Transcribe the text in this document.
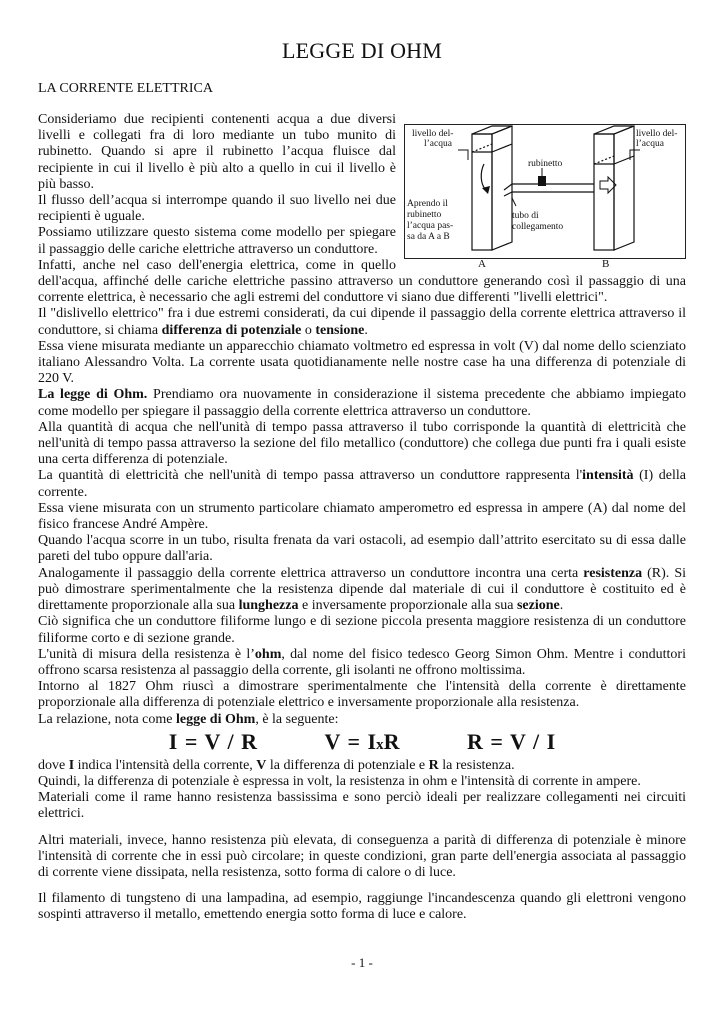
LEGGE DI OHM
LA CORRENTE ELETTRICA
livello del-
l’acqua
livello del-
l’acqua
rubinetto
Aprendo il
rubinetto
l’acqua pas-
sa da A a B
tubo di
collegamento
A	B

Consideriamo due recipienti contenenti acqua a due diversi livelli e collegati fra di loro mediante un tubo munito di rubinetto. Quando si apre il rubinetto l’acqua fluisce dal recipiente in cui il livello è più alto a quello in cui il livello è più basso.

Il flusso dell’acqua si interrompe quando il suo livello nei due recipienti è uguale.

Possiamo utilizzare questo sistema come modello per spiegare il passaggio delle cariche elettriche attraverso un conduttore.

Infatti, anche nel caso dell'energia elettrica, come in quello dell'acqua, affinché delle cariche elettriche passino attraverso un conduttore generando così il passaggio di una corrente elettrica, è necessario che agli estremi del conduttore vi siano due differenti "livelli elettrici".

Il "dislivello elettrico" fra i due estremi considerati, da cui dipende il passaggio della corrente elettrica attraverso il conduttore, si chiama differenza di potenziale o tensione.

Essa viene misurata mediante un apparecchio chiamato voltmetro ed espressa in volt (V) dal nome dello scienziato italiano Alessandro Volta. La corrente usata quotidianamente nelle nostre case ha una differenza di potenziale di 220 V.

La legge di Ohm. Prendiamo ora nuovamente in considerazione il sistema precedente che abbiamo impiegato come modello per spiegare il passaggio della corrente elettrica attraverso un conduttore.

Alla quantità di acqua che nell'unità di tempo passa attraverso il tubo corrisponde la quantità di elettricità che nell'unità di tempo passa attraverso la sezione del filo metallico (conduttore) che collega due punti fra i quali esiste una certa differenza di potenziale.

La quantità di elettricità che nell'unità di tempo passa attraverso un conduttore rappresenta l'intensità (I) della corrente.

Essa viene misurata con un strumento particolare chiamato amperometro ed espressa in ampere (A) dal nome del fisico francese André Ampère.

Quando l'acqua scorre in un tubo, risulta frenata da vari ostacoli, ad esempio dall’attrito esercitato su di essa dalle pareti del tubo oppure dall'aria.

Analogamente il passaggio della corrente elettrica attraverso un conduttore incontra una certa resistenza (R). Si può dimostrare sperimentalmente che la resistenza dipende dal materiale di cui il conduttore è costituito ed è direttamente proporzionale alla sua lunghezza e inversamente proporzionale alla sua sezione.

Ciò significa che un conduttore filiforme lungo e di sezione piccola presenta maggiore resistenza di un conduttore filiforme corto e di sezione grande.

L'unità di misura della resistenza è l’ohm, dal nome del fisico tedesco Georg Simon Ohm. Mentre i conduttori offrono scarsa resistenza al passaggio della corrente, gli isolanti ne offrono moltissima.

Intorno al 1827 Ohm riuscì a dimostrare sperimentalmente che l'intensità della corrente è direttamente proporzionale alla differenza di potenziale elettrico e inversamente proporzionale alla resistenza.

La relazione, nota come legge di Ohm, è la seguente:

I = V / R	V = IxR	R = V / I

dove I indica l'intensità della corrente, V la differenza di potenziale e R la resistenza.

Quindi, la differenza di potenziale è espressa in volt, la resistenza in ohm e l'intensità di corrente in ampere.

Materiali come il rame hanno resistenza bassissima e sono perciò ideali per realizzare collegamenti nei circuiti elettrici.

Altri materiali, invece, hanno resistenza più elevata, di conseguenza a parità di differenza di potenziale è minore l'intensità di corrente che in essi può circolare; in queste condizioni, gran parte dell'energia associata al passaggio di corrente viene dissipata, nella resistenza, sotto forma di calore o di luce.

Il filamento di tungsteno di una lampadina, ad esempio, raggiunge l'incandescenza quando gli elettroni vengono sospinti attraverso il metallo, emettendo energia sotto forma di luce e calore.

- 1 -
